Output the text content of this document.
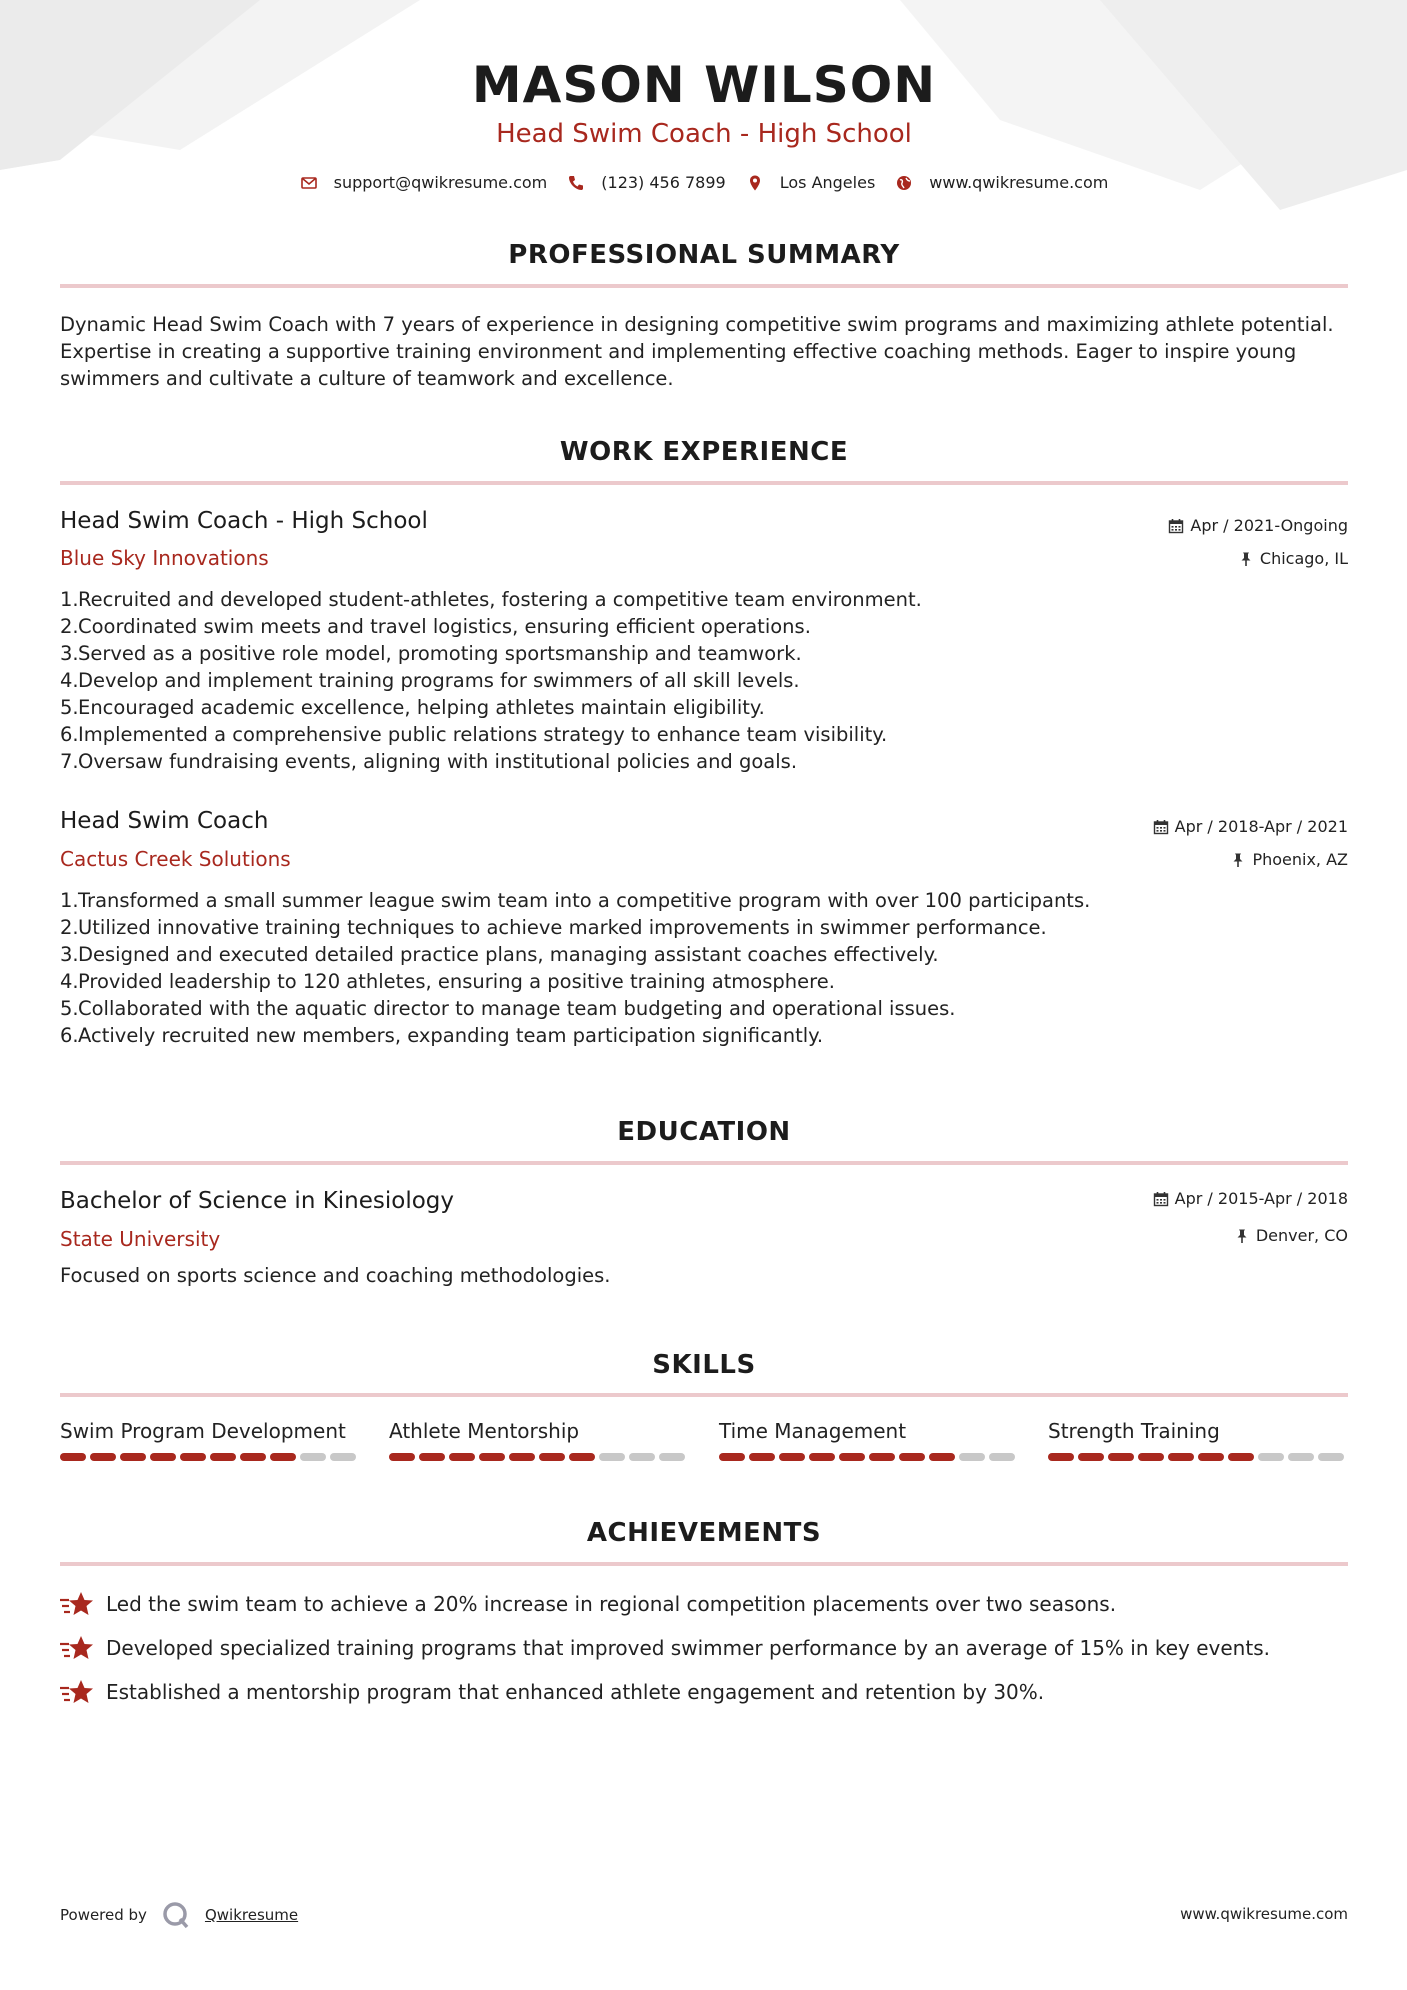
MASON WILSON
Head Swim Coach - High School
support@qwikresume.com	(123) 456 7899	Los Angeles	www.qwikresume.com
PROFESSIONAL SUMMARY
Dynamic Head Swim Coach with 7 years of experience in designing competitive swim programs and maximizing athlete potential.
Expertise in creating a supportive training environment and implementing effective coaching methods. Eager to inspire young
swimmers and cultivate a culture of teamwork and excellence.
WORK EXPERIENCE
Head Swim Coach - High School	Apr / 2021-Ongoing
Blue Sky Innovations	Chicago, IL
1. Recruited and developed student-athletes, fostering a competitive team environment.
2. Coordinated swim meets and travel logistics, ensuring efficient operations.
3. Served as a positive role model, promoting sportsmanship and teamwork.
4. Develop and implement training programs for swimmers of all skill levels.
5. Encouraged academic excellence, helping athletes maintain eligibility.
6. Implemented a comprehensive public relations strategy to enhance team visibility.
7. Oversaw fundraising events, aligning with institutional policies and goals.
Head Swim Coach	Apr / 2018-Apr / 2021
Cactus Creek Solutions	Phoenix, AZ
1. Transformed a small summer league swim team into a competitive program with over 100 participants.
2. Utilized innovative training techniques to achieve marked improvements in swimmer performance.
3. Designed and executed detailed practice plans, managing assistant coaches effectively.
4. Provided leadership to 120 athletes, ensuring a positive training atmosphere.
5. Collaborated with the aquatic director to manage team budgeting and operational issues.
6. Actively recruited new members, expanding team participation significantly.
EDUCATION
Bachelor of Science in Kinesiology	Apr / 2015-Apr / 2018
State University	Denver, CO
Focused on sports science and coaching methodologies.
SKILLS
Swim Program Development	Athlete Mentorship	Time Management	Strength Training
ACHIEVEMENTS
Led the swim team to achieve a 20% increase in regional competition placements over two seasons.
Developed specialized training programs that improved swimmer performance by an average of 15% in key events.
Established a mentorship program that enhanced athlete engagement and retention by 30%.
Powered by	Qwikresume	www.qwikresume.com
